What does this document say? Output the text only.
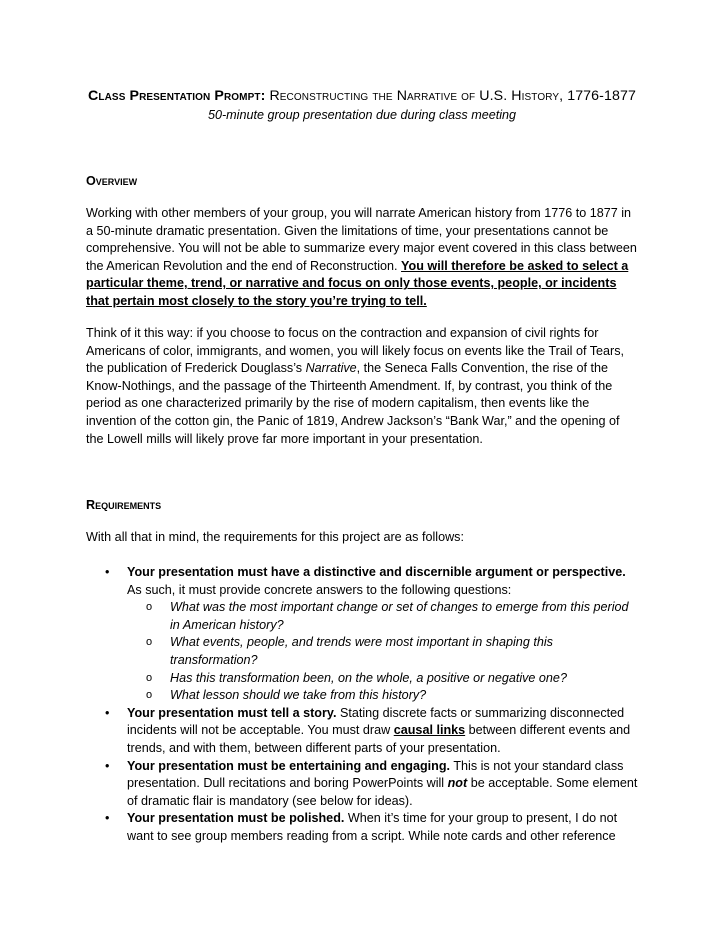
Class Presentation Prompt: Reconstructing the Narrative of U.S. History, 1776-1877
50-minute group presentation due during class meeting
Overview

Working with other members of your group, you will narrate American history from 1776 to 1877 in a 50-minute dramatic presentation. Given the limitations of time, your presentations cannot be comprehensive. You will not be able to summarize every major event covered in this class between the American Revolution and the end of Reconstruction. You will therefore be asked to select a particular theme, trend, or narrative and focus on only those events, people, or incidents that pertain most closely to the story you’re trying to tell.

Think of it this way: if you choose to focus on the contraction and expansion of civil rights for Americans of color, immigrants, and women, you will likely focus on events like the Trail of Tears, the publication of Frederick Douglass’s Narrative, the Seneca Falls Convention, the rise of the Know-Nothings, and the passage of the Thirteenth Amendment. If, by contrast, you think of the period as one characterized primarily by the rise of modern capitalism, then events like the invention of the cotton gin, the Panic of 1819, Andrew Jackson’s “Bank War,” and the opening of the Lowell mills will likely prove far more important in your presentation.

Requirements

With all that in mind, the requirements for this project are as follows:

• Your presentation must have a distinctive and discernible argument or perspective. As such, it must provide concrete answers to the following questions:
o What was the most important change or set of changes to emerge from this period in American history?
o What events, people, and trends were most important in shaping this transformation?
o Has this transformation been, on the whole, a positive or negative one?
o What lesson should we take from this history?
• Your presentation must tell a story. Stating discrete facts or summarizing disconnected incidents will not be acceptable. You must draw causal links between different events and trends, and with them, between different parts of your presentation.
• Your presentation must be entertaining and engaging. This is not your standard class presentation. Dull recitations and boring PowerPoints will not be acceptable. Some element of dramatic flair is mandatory (see below for ideas).
• Your presentation must be polished. When it’s time for your group to present, I do not want to see group members reading from a script. While note cards and other reference
